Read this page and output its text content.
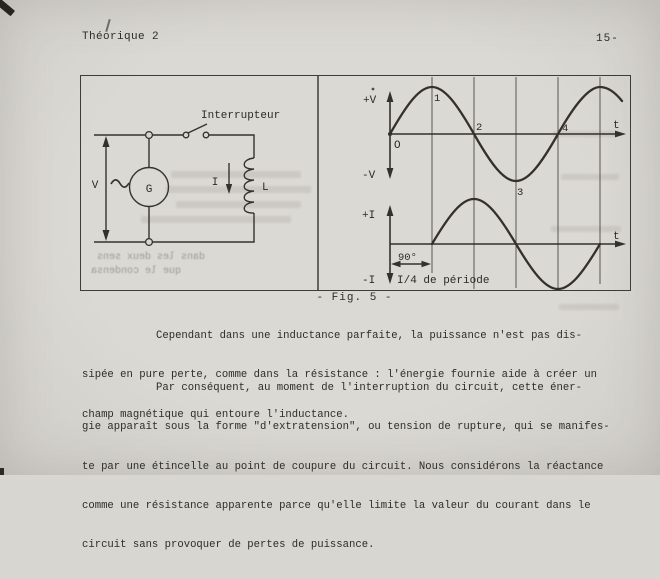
Théorique 2	15-
dans les deux sens
que le condensa
Interrupteur
G
V	I	L
+V
-V
O
t
1
2
3
4
+I
-I
t
90°
I/4 de période
- Fig. 5 -

Cependant dans une inductance parfaite, la puissance n'est pas dis-

sipée en pure perte, comme dans la résistance : l'énergie fournie aide à créer un

champ magnétique qui entoure l'inductance.

Par conséquent, au moment de l'interruption du circuit, cette éner-

gie apparaît sous la forme "d'extratension", ou tension de rupture, qui se manifes-

te par une étincelle au point de coupure du circuit. Nous considérons la réactance

comme une résistance apparente parce qu'elle limite la valeur du courant dans le

circuit sans provoquer de pertes de puissance.
